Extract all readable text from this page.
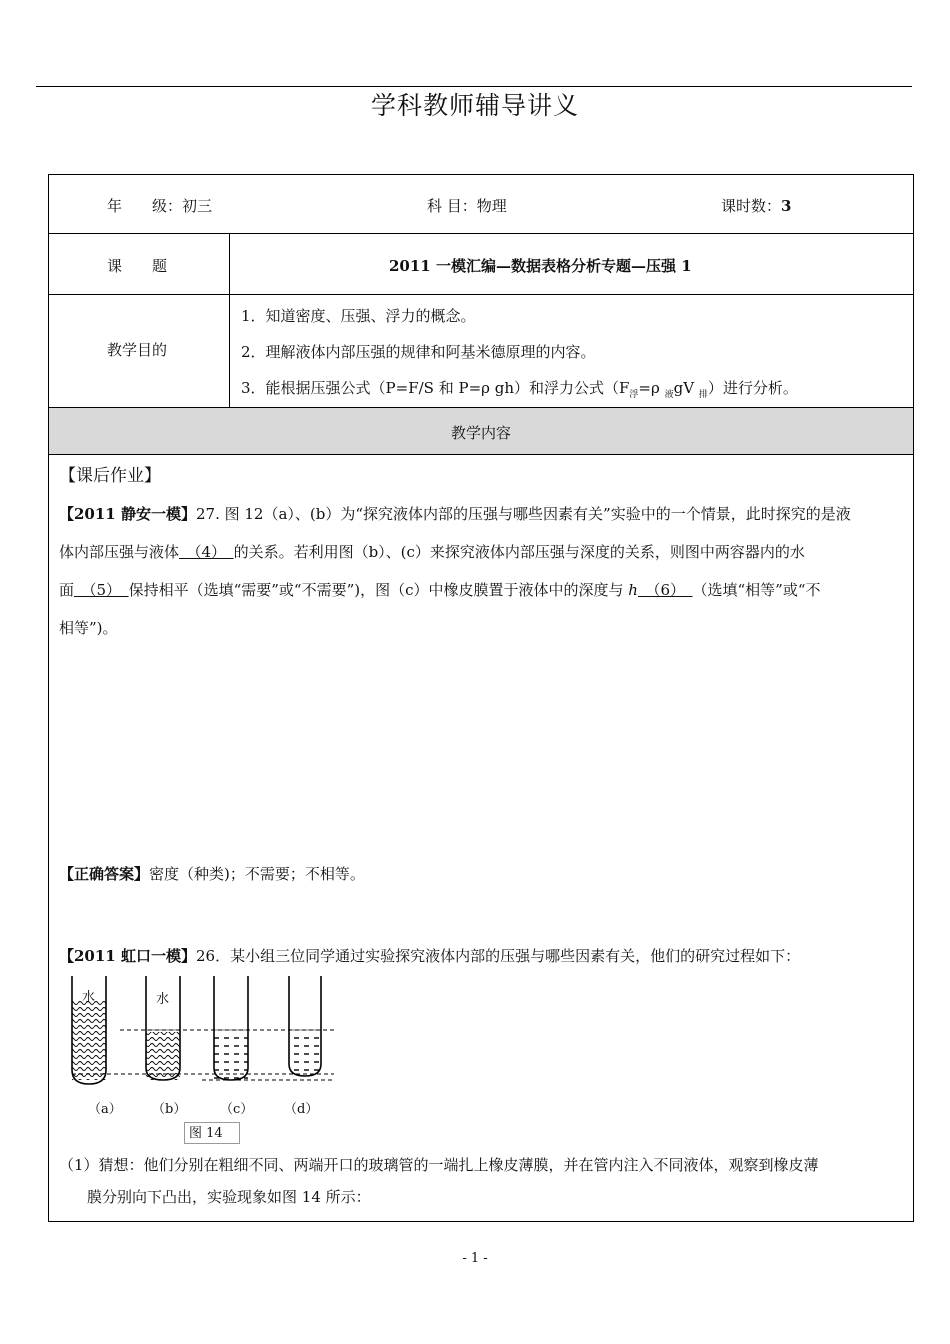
学科教师辅导讲义
年　　级：初三	科 目：物理	课时数：3
课　　题	2011 一模汇编—数据表格分析专题—压强 1
教学目的
1．知道密度、压强、浮力的概念。
2．理解液体内部压强的规律和阿基米德原理的内容。
3．能根据压强公式（P=F/S 和 P=ρ gh）和浮力公式（$F_浮=\rho$ $_液$gV $_排$）进行分析。
教学内容

【课后作业】

【2011 静安一模】27. 图 12（a）、(b）为“探究液体内部的压强与哪些因素有关”实验中的一个情景，此时探究的是液
体内部压强与液体　（4）　的关系。若利用图（b）、(c）来探究液体内部压强与深度的关系，则图中两容器内的水
面　（5）　保持相平（选填“需要”或“不需要”)，图（c）中橡皮膜置于液体中的深度与 h　（6）　（选填“相等”或“不
相等”)。

【正确答案】密度（种类)；不需要；不相等。

【2011 虹口一模】26．某小组三位同学通过实验探究液体内部的压强与哪些因素有关，他们的研究过程如下：

（1）猜想：他们分别在粗细不同、两端开口的玻璃管的一端扎上橡皮薄膜，并在管内注入不同液体，观察到橡皮薄
膜分别向下凸出，实验现象如图 14 所示：

水	水
（a） （b）	（c） （d）
图 14
- 1 -
